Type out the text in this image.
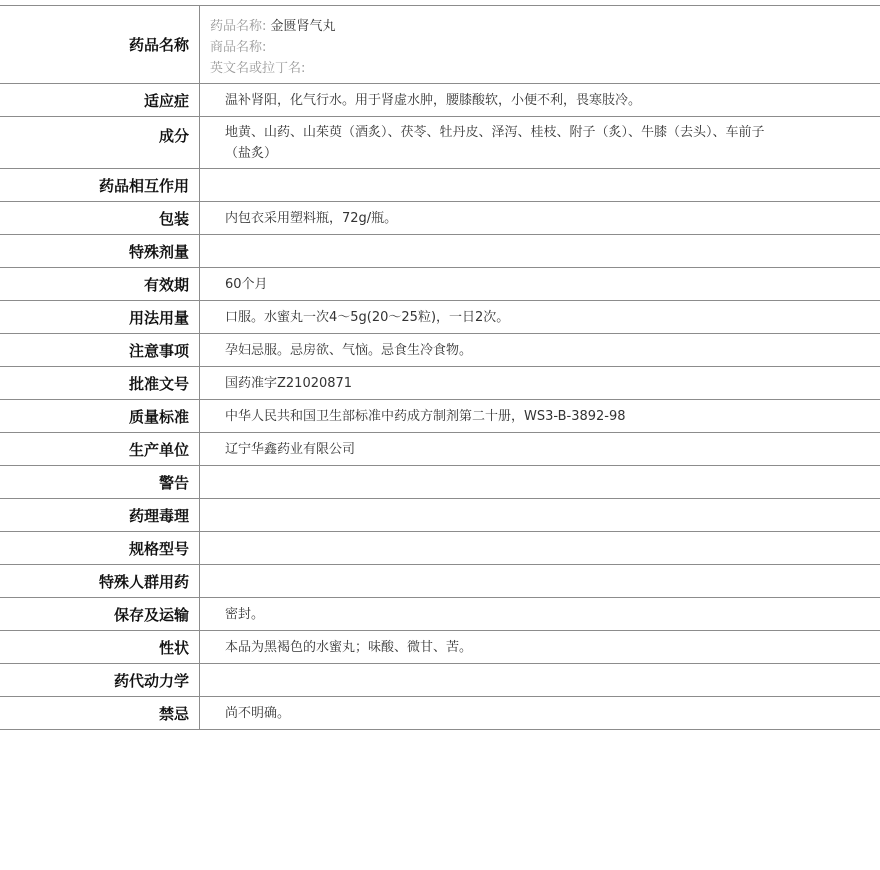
药品名称
药品名称: 金匮肾气丸
商品名称:
英文名或拉丁名:
适应症	温补肾阳，化气行水。用于肾虚水肿，腰膝酸软，小便不利，畏寒肢冷。
成分	地黄、山药、山茱萸（酒炙）、茯苓、牡丹皮、泽泻、桂枝、附子（炙）、牛膝（去头）、车前子（盐炙）
药品相互作用
包装	内包衣采用塑料瓶，72g/瓶。
特殊剂量
有效期	60个月
用法用量	口服。水蜜丸一次4～5g(20～25粒)，一日2次。
注意事项	孕妇忌服。忌房欲、气恼。忌食生冷食物。
批准文号	国药准字Z21020871
质量标准	中华人民共和国卫生部标准中药成方制剂第二十册，WS3-B-3892-98
生产单位	辽宁华鑫药业有限公司
警告
药理毒理
规格型号
特殊人群用药
保存及运输	密封。
性状	本品为黑褐色的水蜜丸；味酸、微甘、苦。
药代动力学
禁忌	尚不明确。
